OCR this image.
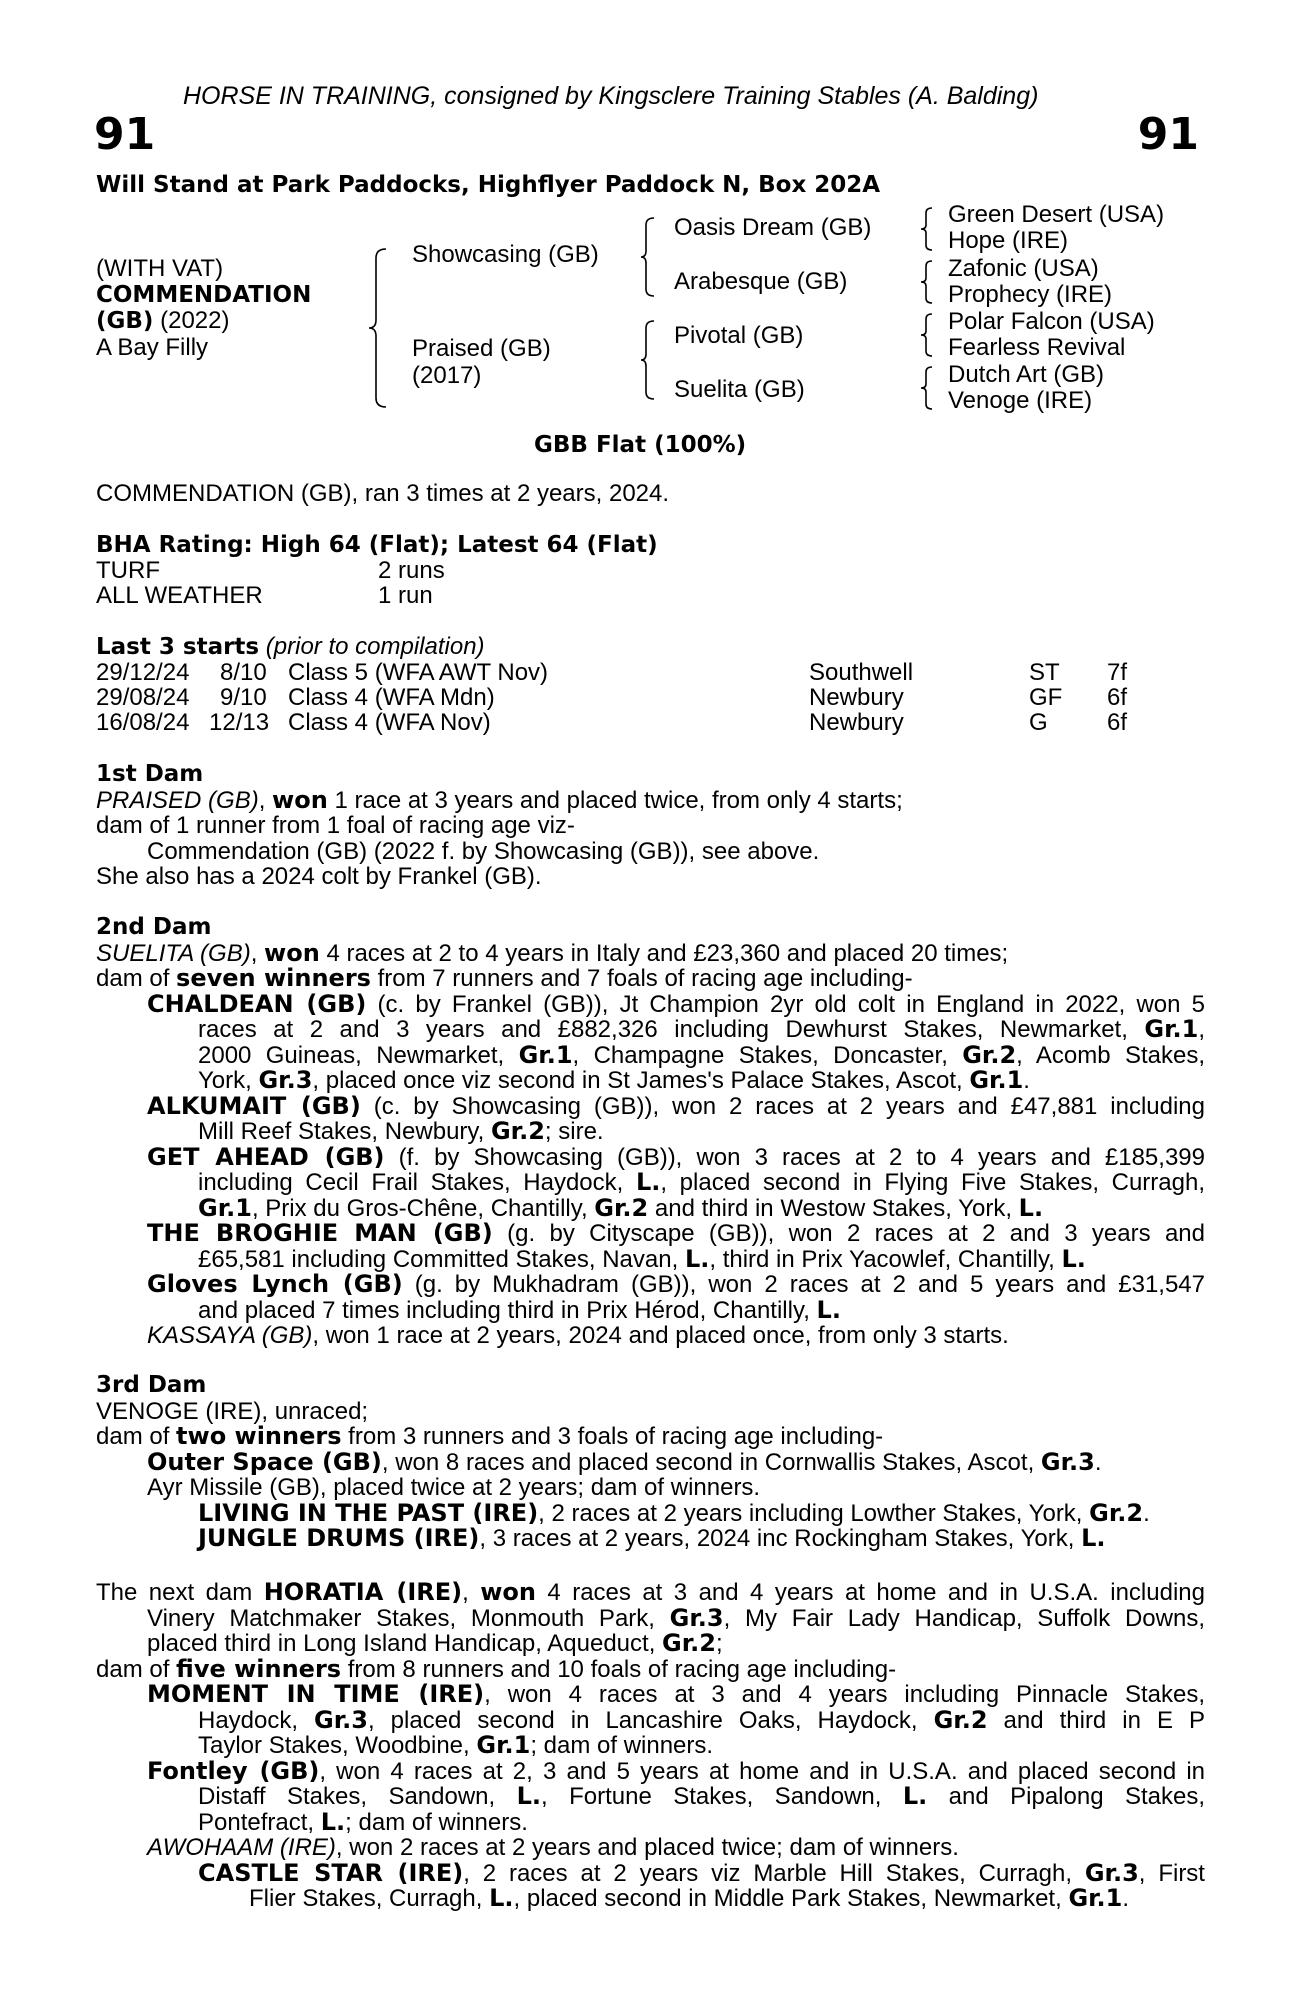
HORSE IN TRAINING, consigned by Kingsclere Training Stables (A. Balding)
91	91
Will Stand at Park Paddocks, Highflyer Paddock N, Box 202A
(WITH VAT)
COMMENDATION
(GB) (2022)
A Bay Filly
Showcasing (GB)
Praised (GB)
(2017)
Oasis Dream (GB)
Arabesque (GB)
Pivotal (GB)
Suelita (GB)
Green Desert (USA)
Hope (IRE)
Zafonic (USA)
Prophecy (IRE)
Polar Falcon (USA)
Fearless Revival
Dutch Art (GB)
Venoge (IRE)
GBB Flat (100%)
COMMENDATION (GB), ran 3 times at 2 years, 2024.
BHA Rating: High 64 (Flat); Latest 64 (Flat)
TURF	2 runs
ALL WEATHER	1 run
Last 3 starts (prior to compilation)
29/12/24 8/10 Class 5 (WFA AWT Nov)	Southwell	ST 7f
29/08/24 9/10 Class 4 (WFA Mdn)	Newbury	GF 6f
16/08/24 12/13 Class 4 (WFA Nov)	Newbury	G 6f
1st Dam
PRAISED (GB), won 1 race at 3 years and placed twice, from only 4 starts;
dam of 1 runner from 1 foal of racing age viz-
Commendation (GB) (2022 f. by Showcasing (GB)), see above.
She also has a 2024 colt by Frankel (GB).
2nd Dam
SUELITA (GB), won 4 races at 2 to 4 years in Italy and £23,360 and placed 20 times;
dam of seven winners from 7 runners and 7 foals of racing age including-
CHALDEAN (GB) (c. by Frankel (GB)), Jt Champion 2yr old colt in England in 2022, won 5
races at 2 and 3 years and £882,326 including Dewhurst Stakes, Newmarket, Gr.1,
2000 Guineas, Newmarket, Gr.1, Champagne Stakes, Doncaster, Gr.2, Acomb Stakes,
York, Gr.3, placed once viz second in St James's Palace Stakes, Ascot, Gr.1.
ALKUMAIT (GB) (c. by Showcasing (GB)), won 2 races at 2 years and £47,881 including
Mill Reef Stakes, Newbury, Gr.2; sire.
GET AHEAD (GB) (f. by Showcasing (GB)), won 3 races at 2 to 4 years and £185,399
including Cecil Frail Stakes, Haydock, L., placed second in Flying Five Stakes, Curragh,
Gr.1, Prix du Gros-Chêne, Chantilly, Gr.2 and third in Westow Stakes, York, L.
THE BROGHIE MAN (GB) (g. by Cityscape (GB)), won 2 races at 2 and 3 years and
£65,581 including Committed Stakes, Navan, L., third in Prix Yacowlef, Chantilly, L.
Gloves Lynch (GB) (g. by Mukhadram (GB)), won 2 races at 2 and 5 years and £31,547
and placed 7 times including third in Prix Hérod, Chantilly, L.
KASSAYA (GB), won 1 race at 2 years, 2024 and placed once, from only 3 starts.
3rd Dam
VENOGE (IRE), unraced;
dam of two winners from 3 runners and 3 foals of racing age including-
Outer Space (GB), won 8 races and placed second in Cornwallis Stakes, Ascot, Gr.3.
Ayr Missile (GB), placed twice at 2 years; dam of winners.
LIVING IN THE PAST (IRE), 2 races at 2 years including Lowther Stakes, York, Gr.2.
JUNGLE DRUMS (IRE), 3 races at 2 years, 2024 inc Rockingham Stakes, York, L.
The next dam HORATIA (IRE), won 4 races at 3 and 4 years at home and in U.S.A. including
Vinery Matchmaker Stakes, Monmouth Park, Gr.3, My Fair Lady Handicap, Suffolk Downs,
placed third in Long Island Handicap, Aqueduct, Gr.2;
dam of five winners from 8 runners and 10 foals of racing age including-
MOMENT IN TIME (IRE), won 4 races at 3 and 4 years including Pinnacle Stakes,
Haydock, Gr.3, placed second in Lancashire Oaks, Haydock, Gr.2 and third in E P
Taylor Stakes, Woodbine, Gr.1; dam of winners.
Fontley (GB), won 4 races at 2, 3 and 5 years at home and in U.S.A. and placed second in
Distaff Stakes, Sandown, L., Fortune Stakes, Sandown, L. and Pipalong Stakes,
Pontefract, L.; dam of winners.
AWOHAAM (IRE), won 2 races at 2 years and placed twice; dam of winners.
CASTLE STAR (IRE), 2 races at 2 years viz Marble Hill Stakes, Curragh, Gr.3, First
Flier Stakes, Curragh, L., placed second in Middle Park Stakes, Newmarket, Gr.1.
